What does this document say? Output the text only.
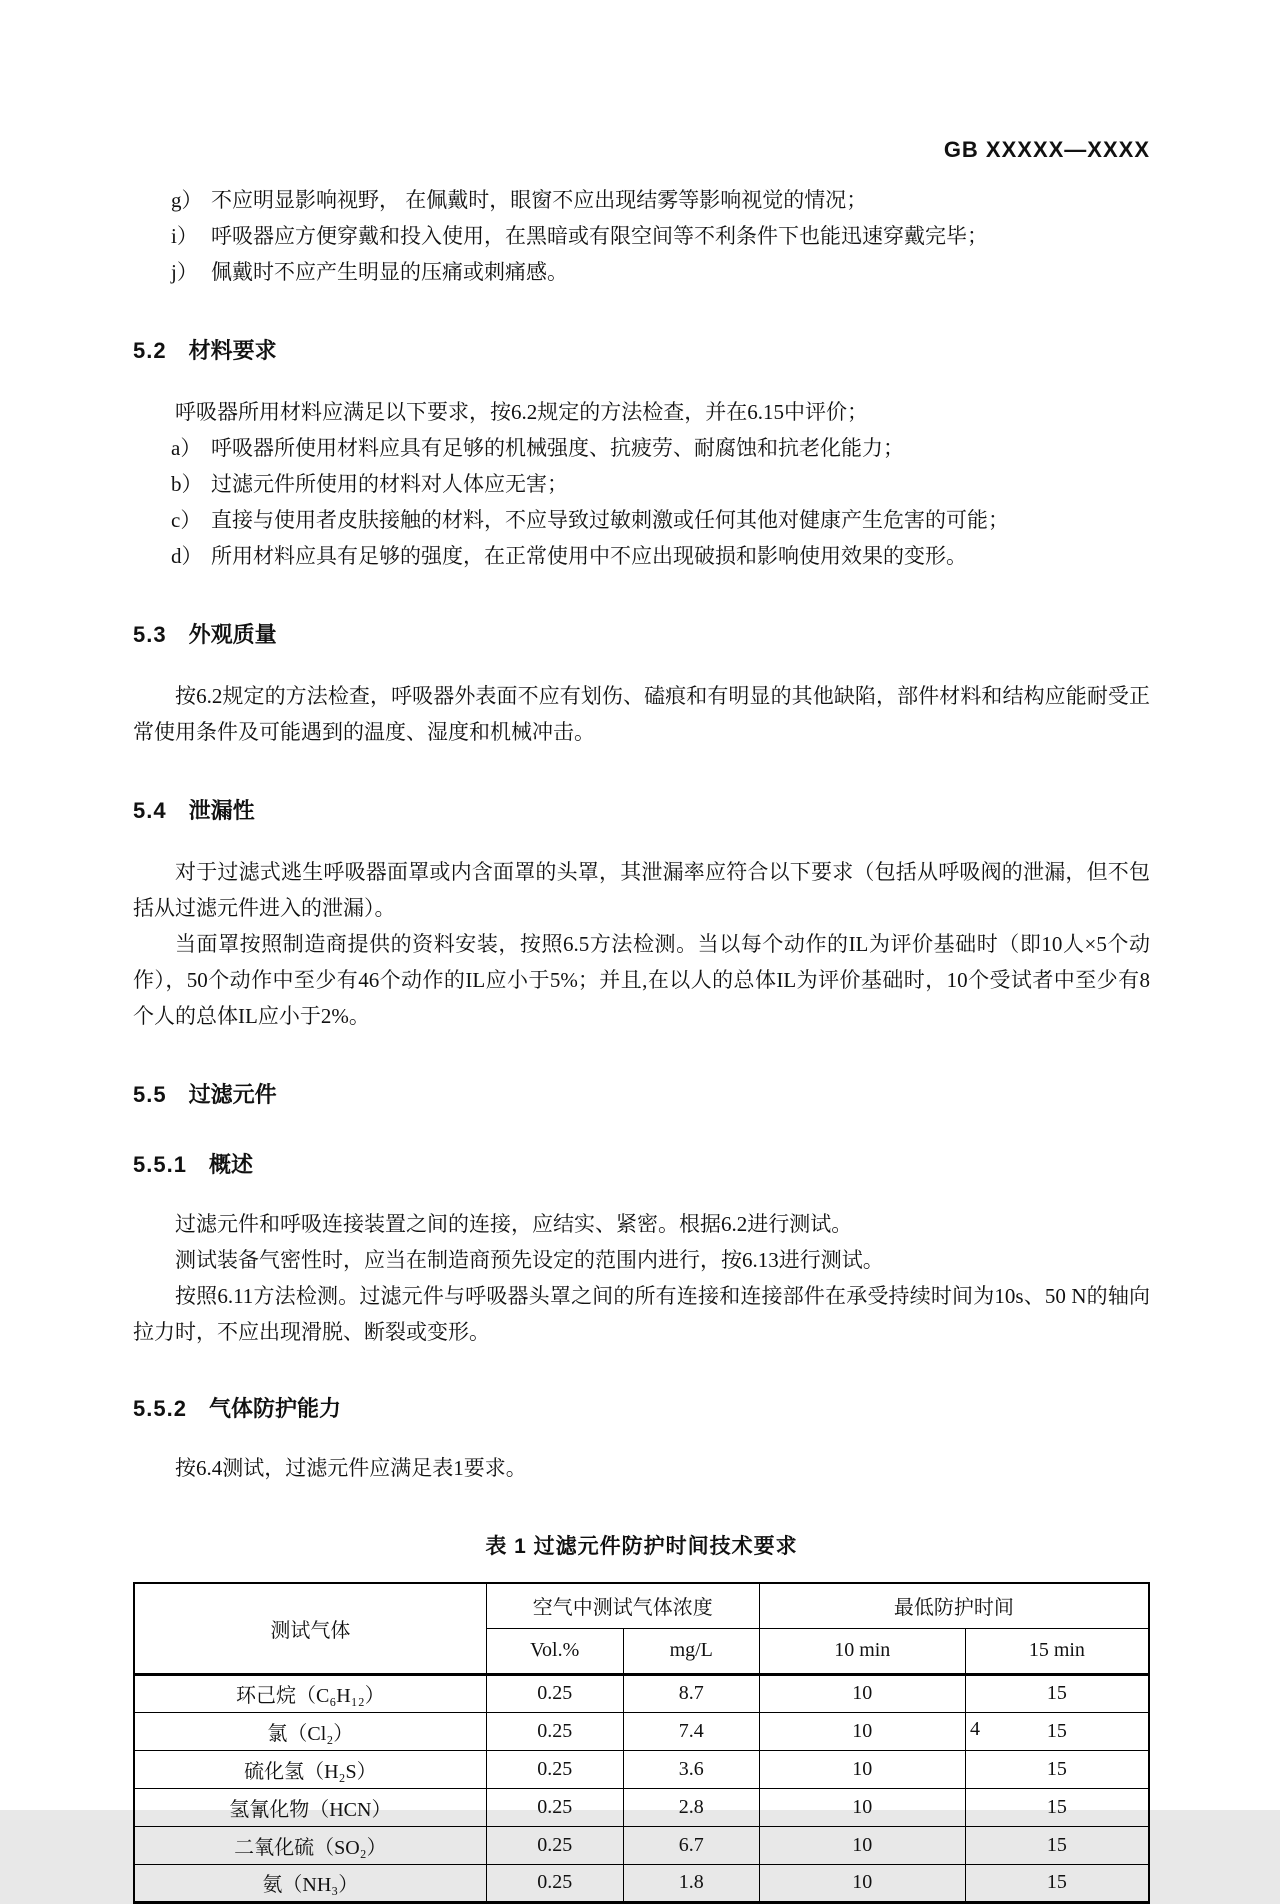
GB XXXXX—XXXX
g） 不应明显影响视野， 在佩戴时，眼窗不应出现结雾等影响视觉的情况；
i） 呼吸器应方便穿戴和投入使用，在黑暗或有限空间等不利条件下也能迅速穿戴完毕；
j） 佩戴时不应产生明显的压痛或刺痛感。
5.2 材料要求
呼吸器所用材料应满足以下要求，按6.2规定的方法检查，并在6.15中评价；
a） 呼吸器所使用材料应具有足够的机械强度、抗疲劳、耐腐蚀和抗老化能力；
b） 过滤元件所使用的材料对人体应无害；
c） 直接与使用者皮肤接触的材料，不应导致过敏刺激或任何其他对健康产生危害的可能；
d） 所用材料应具有足够的强度，在正常使用中不应出现破损和影响使用效果的变形。
5.3 外观质量
按6.2规定的方法检查，呼吸器外表面不应有划伤、磕痕和有明显的其他缺陷，部件材料和结构应能耐受正常使用条件及可能遇到的温度、湿度和机械冲击。
5.4 泄漏性
对于过滤式逃生呼吸器面罩或内含面罩的头罩，其泄漏率应符合以下要求（包括从呼吸阀的泄漏，但不包括从过滤元件进入的泄漏）。
当面罩按照制造商提供的资料安装，按照6.5方法检测。当以每个动作的IL为评价基础时（即10人×5个动作），50个动作中至少有46个动作的IL应小于5%；并且,在以人的总体IL为评价基础时，10个受试者中至少有8个人的总体IL应小于2%。
5.5 过滤元件
5.5.1 概述
过滤元件和呼吸连接装置之间的连接，应结实、紧密。根据6.2进行测试。
测试装备气密性时，应当在制造商预先设定的范围内进行，按6.13进行测试。
按照6.11方法检测。过滤元件与呼吸器头罩之间的所有连接和连接部件在承受持续时间为10s、50 N的轴向拉力时，不应出现滑脱、断裂或变形。
5.5.2 气体防护能力
按6.4测试，过滤元件应满足表1要求。
表 1 过滤元件防护时间技术要求
测试气体	空气中测试气体浓度		最低防护时间	
	Vol.%	mg/L	10 min	15 min
环己烷（C₆H₁₂）	0.25	8.7	10	15
氯（Cl₂）	0.25	7.4	10	15
硫化氢（H₂S）	0.25	3.6	10	15
氢氰化物（HCN）	0.25	2.8	10	15
二氧化硫（SO₂）	0.25	6.7	10	15
氨（NH₃）	0.25	1.8	10	15
4
